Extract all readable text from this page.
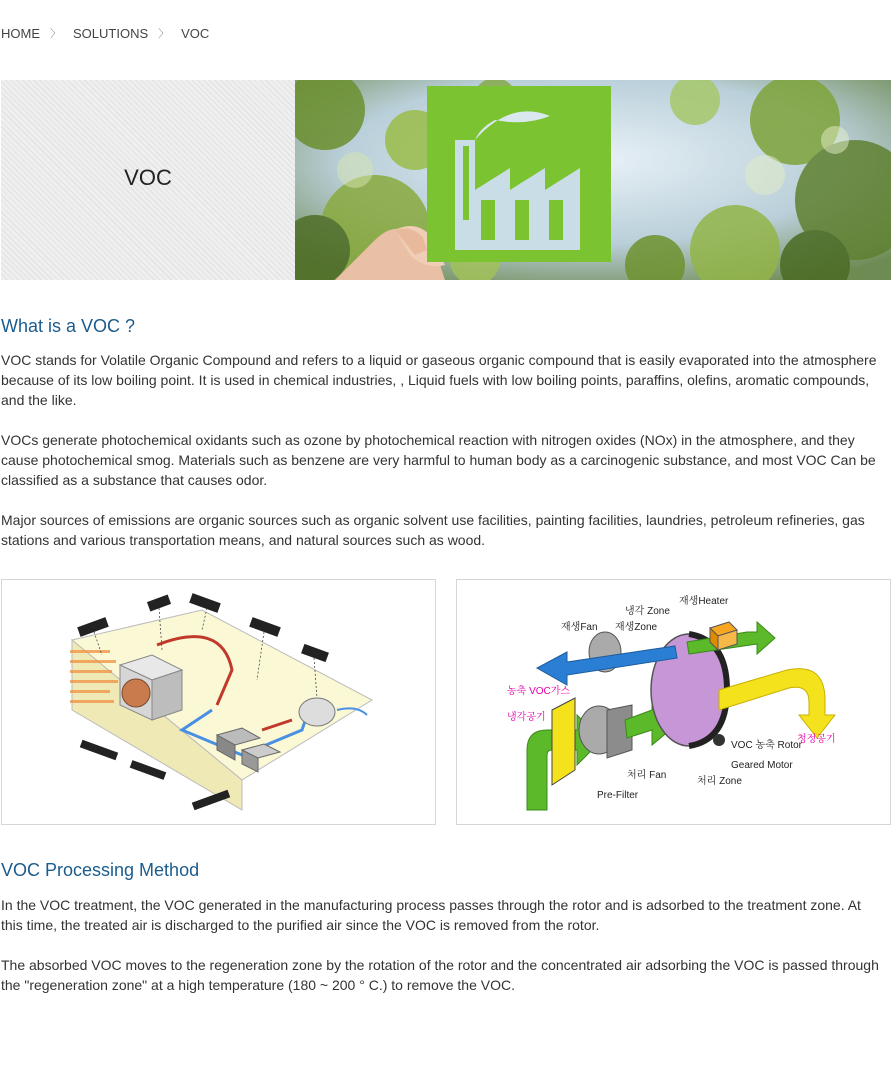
HOME 〉 SOLUTIONS 〉 VOC
VOC
What is a VOC ?

VOC stands for Volatile Organic Compound and refers to a liquid or gaseous organic compound that is easily evaporated into the atmosphere because of its low boiling point. It is used in chemical industries, , Liquid fuels with low boiling points, paraffins, olefins, aromatic compounds, and the like.

VOCs generate photochemical oxidants such as ozone by photochemical reaction with nitrogen oxides (NOx) in the atmosphere, and they cause photochemical smog. Materials such as benzene are very harmful to human body as a carcinogenic substance, and most VOC Can be classified as a substance that causes odor.

Major sources of emissions are organic sources such as organic solvent use facilities, painting facilities, laundries, petroleum refineries, gas stations and various transportation means, and natural sources such as wood.

냉각 Zone
재생Heater
재생Fan 재생Zone
농축 VOC가스
냉각공기
VOC 농축 Rotor
청정공기
Geared Motor
처리 Fan
처리 Zone
Pre-Filter
VOC Processing Method

In the VOC treatment, the VOC generated in the manufacturing process passes through the rotor and is adsorbed to the treatment zone. At this time, the treated air is discharged to the purified air since the VOC is removed from the rotor.

The absorbed VOC moves to the regeneration zone by the rotation of the rotor and the concentrated air adsorbing the VOC is passed through the "regeneration zone" at a high temperature (180 ~ 200 ° C.) to remove the VOC.
